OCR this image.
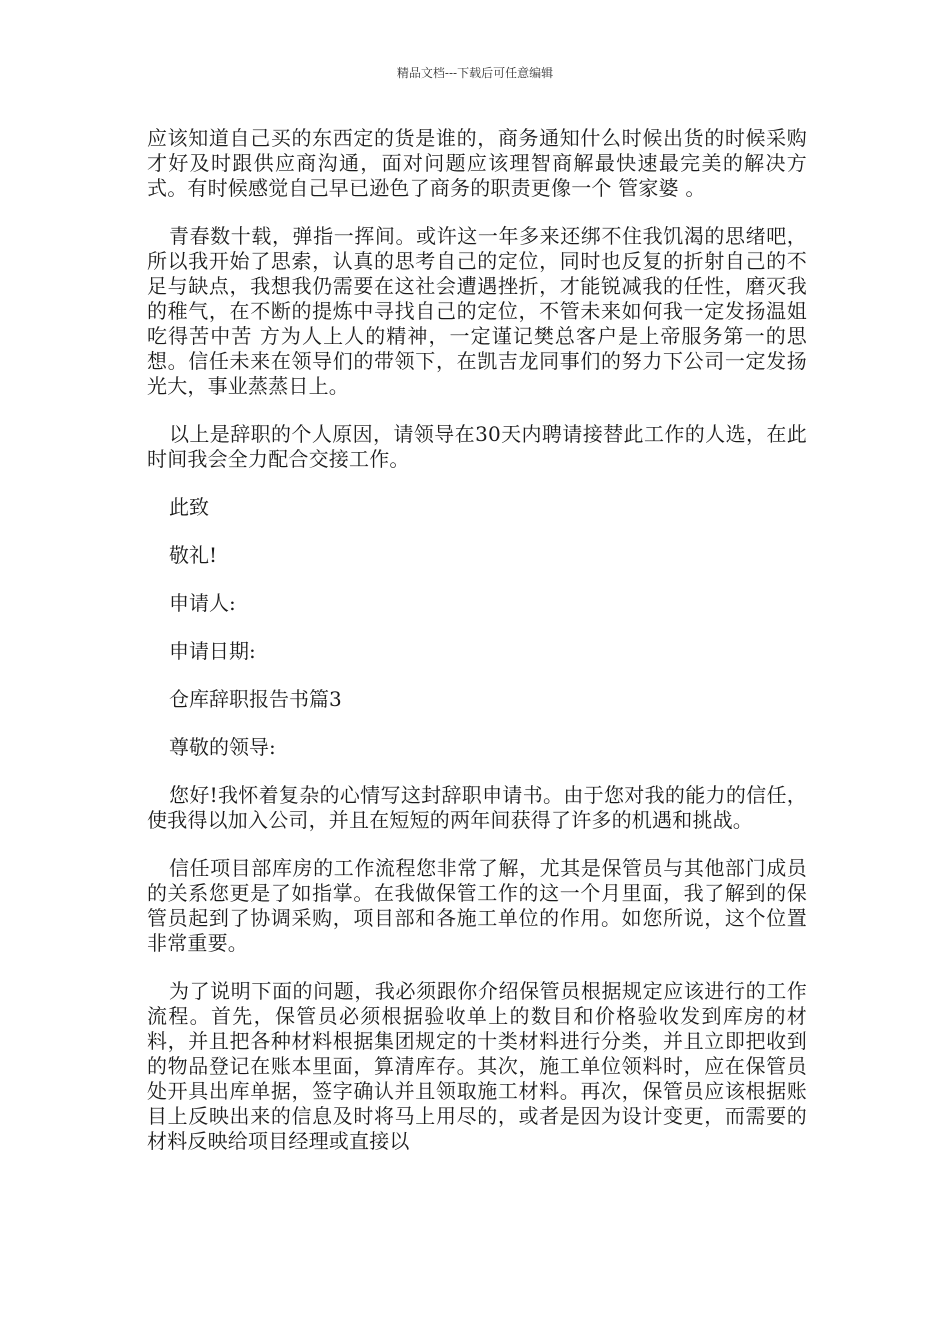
精品文档---下载后可任意编辑

应该知道自己买的东西定的货是谁的，商务通知什么时候出货的时候采购才好及时跟供应商沟通，面对问题应该理智商解最快速最完美的解决方式。有时候感觉自己早已逊色了商务的职责更像一个 管家婆 。

青春数十载，弹指一挥间。或许这一年多来还绑不住我饥渴的思绪吧，所以我开始了思索，认真的思考自己的定位，同时也反复的折射自己的不足与缺点，我想我仍需要在这社会遭遇挫折，才能锐减我的任性，磨灭我的稚气，在不断的提炼中寻找自己的定位，不管未来如何我一定发扬温姐吃得苦中苦 方为人上人的精神，一定谨记樊总客户是上帝服务第一的思想。信任未来在领导们的带领下，在凯吉龙同事们的努力下公司一定发扬光大，事业蒸蒸日上。

以上是辞职的个人原因，请领导在30天内聘请接替此工作的人选，在此时间我会全力配合交接工作。

此致

敬礼!

申请人:

申请日期:

仓库辞职报告书篇3

尊敬的领导:

您好!我怀着复杂的心情写这封辞职申请书。由于您对我的能力的信任，使我得以加入公司，并且在短短的两年间获得了许多的机遇和挑战。

信任项目部库房的工作流程您非常了解，尤其是保管员与其他部门成员的关系您更是了如指掌。在我做保管工作的这一个月里面，我了解到的保管员起到了协调采购，项目部和各施工单位的作用。如您所说，这个位置非常重要。

为了说明下面的问题，我必须跟你介绍保管员根据规定应该进行的工作流程。首先，保管员必须根据验收单上的数目和价格验收发到库房的材料，并且把各种材料根据集团规定的十类材料进行分类，并且立即把收到的物品登记在账本里面，算清库存。其次，施工单位领料时，应在保管员处开具出库单据，签字确认并且领取施工材料。再次，保管员应该根据账目上反映出来的信息及时将马上用尽的，或者是因为设计变更，而需要的材料反映给项目经理或直接以
